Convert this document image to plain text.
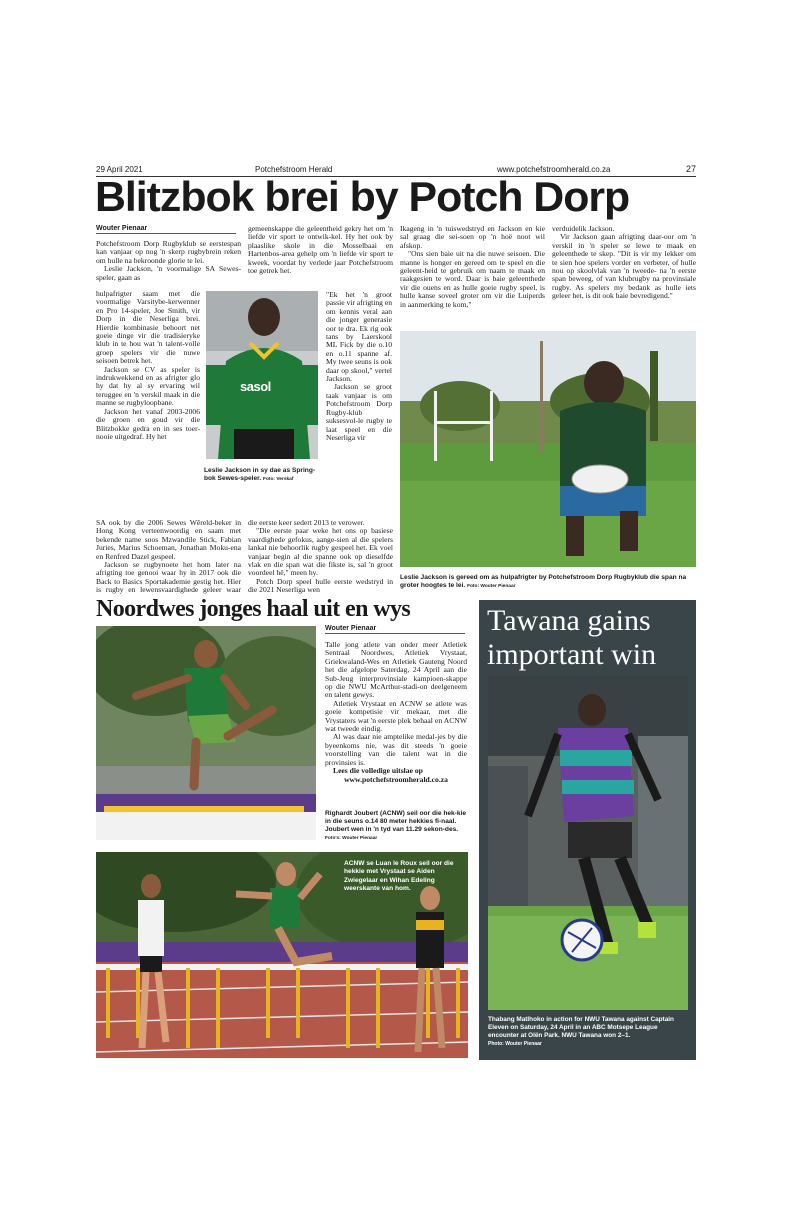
29 April 2021	Potchefstroom Herald	www.potchefstroomherald.co.za	27
Blitzbok brei by Potch Dorp
Wouter Pienaar

Potchefstroom Dorp Rugbyklub se eerstespan kan vanjaar op nog 'n skerp rugbybrein reken om hulle na bekroonde glorie te lei.

Leslie Jackson, 'n voormalige SA Sewes-speler, gaan as

hulpafrigter saam met die voormalige Varsitybe-kerwenner en Pro 14-speler, Joe Smith, vir Dorp in die Neserliga brei. Hierdie kombinasie behoort net goeie dinge vir die tradisieryke klub in te hou wat 'n talent-volle groep spelers vir die nuwe seisoen betrek het.

Jackson se CV as speler is indrukwekkend en as afrigter glo hy dat hy al sy ervaring wil teruggee en 'n verskil maak in die manne se rugbyloopbane.

Jackson het vanaf 2003-2006 die groen en goud vir die Blitzbokke gedra en in ses toer-nooie uitgedraf. Hy het

SA ook by die 2006 Sewes Wêreld-beker in Hong Kong verteenwoordig en saam met bekende name soos Mzwandile Stick, Fabian Juries, Marius Schoeman, Jonathan Moku-ena en Renfred Dazel gespeel.

Jackson se rugbynoete het hom later na afrigting toe genooi waar hy in 2017 ook die Back to Basics Sportakademie gestig het. Hier is rugby en lewensvaardighede geleer waar

sasol
Leslie Jackson in sy dae as Spring-bok Sewes-speler. Foto: Verskaf

gemeenskappe die geleentheid gekry het om 'n liefde vir sport te ontwik-kel. Hy het ook by plaaslike skole in die Mosselbaai en Hartenbos-area gehelp om 'n liefde vir sport te kweek, voordat hy verlede jaar Potchefstroom toe getrek het.

"Ek het 'n groot passie vir afrigting en om kennis veral aan die jonger generasie oor te dra. Ek rig ook tans by Laerskool ML Fick by die o.10 en o.11 spanne af. My twee seuns is ook daar op skool," vertel Jackson.

Jackson se groot taak vanjaar is om Potchefstroom Dorp Rugby-klub suksesvol-le rugby te laat speel en die Neserliga vir

die eerste keer sedert 2013 te verower.

"Die eerste paar weke het ons op basiese vaardighede gefokus, aange-sien al die spelers lankal nie behoorlik rugby gespeel het. Ek voel vanjaar begin al die spanne ook op dieselfde vlak en die span wat die fikste is, sal 'n groot voordeel hê," meen hy.

Potch Dorp speel hulle eerste wedstryd in die 2021 Neserliga wen

Ikageng in 'n tuiswedstryd en Jackson en kie sal graag die sei-soen op 'n hoë noot wil afskop.

"Ons sien baie uit na die nuwe seisoen. Die manne is honger en gereed om te speel en die geleent-heid te gebruik om naam te maak en raakgesien te word. Daar is baie geleenthede vir die ouens en as hulle goeie rugby speel, is hulle kanse soveel groter om vir die Luiperds in aanmerking te kom,"

verduidelik Jackson.

Vir Jackson gaan afrigting daar-oor om 'n verskil in 'n speler se lewe te maak en geleenthede te skep. "Dit is vir my lekker om te sien hoe spelers vorder en verbeter, of hulle nou op skoolvlak van 'n tweede- na 'n eerste span beweeg, of van klubrugby na provinsiale rugby. As spelers my bedank as hulle iets geleer het, is dit ook baie bevredigend."

Leslie Jackson is gereed om as hulpafrigter by Potchefstroom Dorp Rugbyklub die span na groter hoogtes te lei. Foto: Wouter Pienaar
Noordwes jonges haal uit en wys
Wouter Pienaar

Talle jong atlete van onder meer Atletiek Sentraal Noordwes, Atletiek Vrystaat, Griekwaland-Wes en Atletiek Gauteng Noord het die afgelope Saterdag, 24 April aan die Sub-Jeug interprovinsiale kampioen-skappe op die NWU McArthur-stadi-on deelgeneem en talent gewys.

Atletiek Vrystaat en ACNW se atlete was goeie kompetisie vir mekaar, met die Vrystaters wat 'n eerste plek behaal en ACNW wat tweede eindig.

Al was daar nie amptelike medal-jes by die byeenkoms nie, was dit steeds 'n goeie voorstelling van die talent wat in die provinsies is.

Lees die volledige uitslae op

www.potchefstroomherald.co.za

Righardt Joubert (ACNW) seil oor die hek-kie in die seuns o.14 80 meter hekkies fi-naal. Joubert wen in 'n tyd van 11.29 sekon-des. Foto's: Wouter Pienaar
ACNW se Luan le Roux seil oor die hekkie met Vrystaat se Aiden Zwiegelaar en Wihan Edeling weerskante van hom.
Tawana gains
important win
Thabang Matlhoko in action for NWU Tawana against Captain Eleven on Saturday, 24 April in an ABC Motsepe League encounter at Olën Park. NWU Tawana won 2–1.
Photo: Wouter Pienaar
